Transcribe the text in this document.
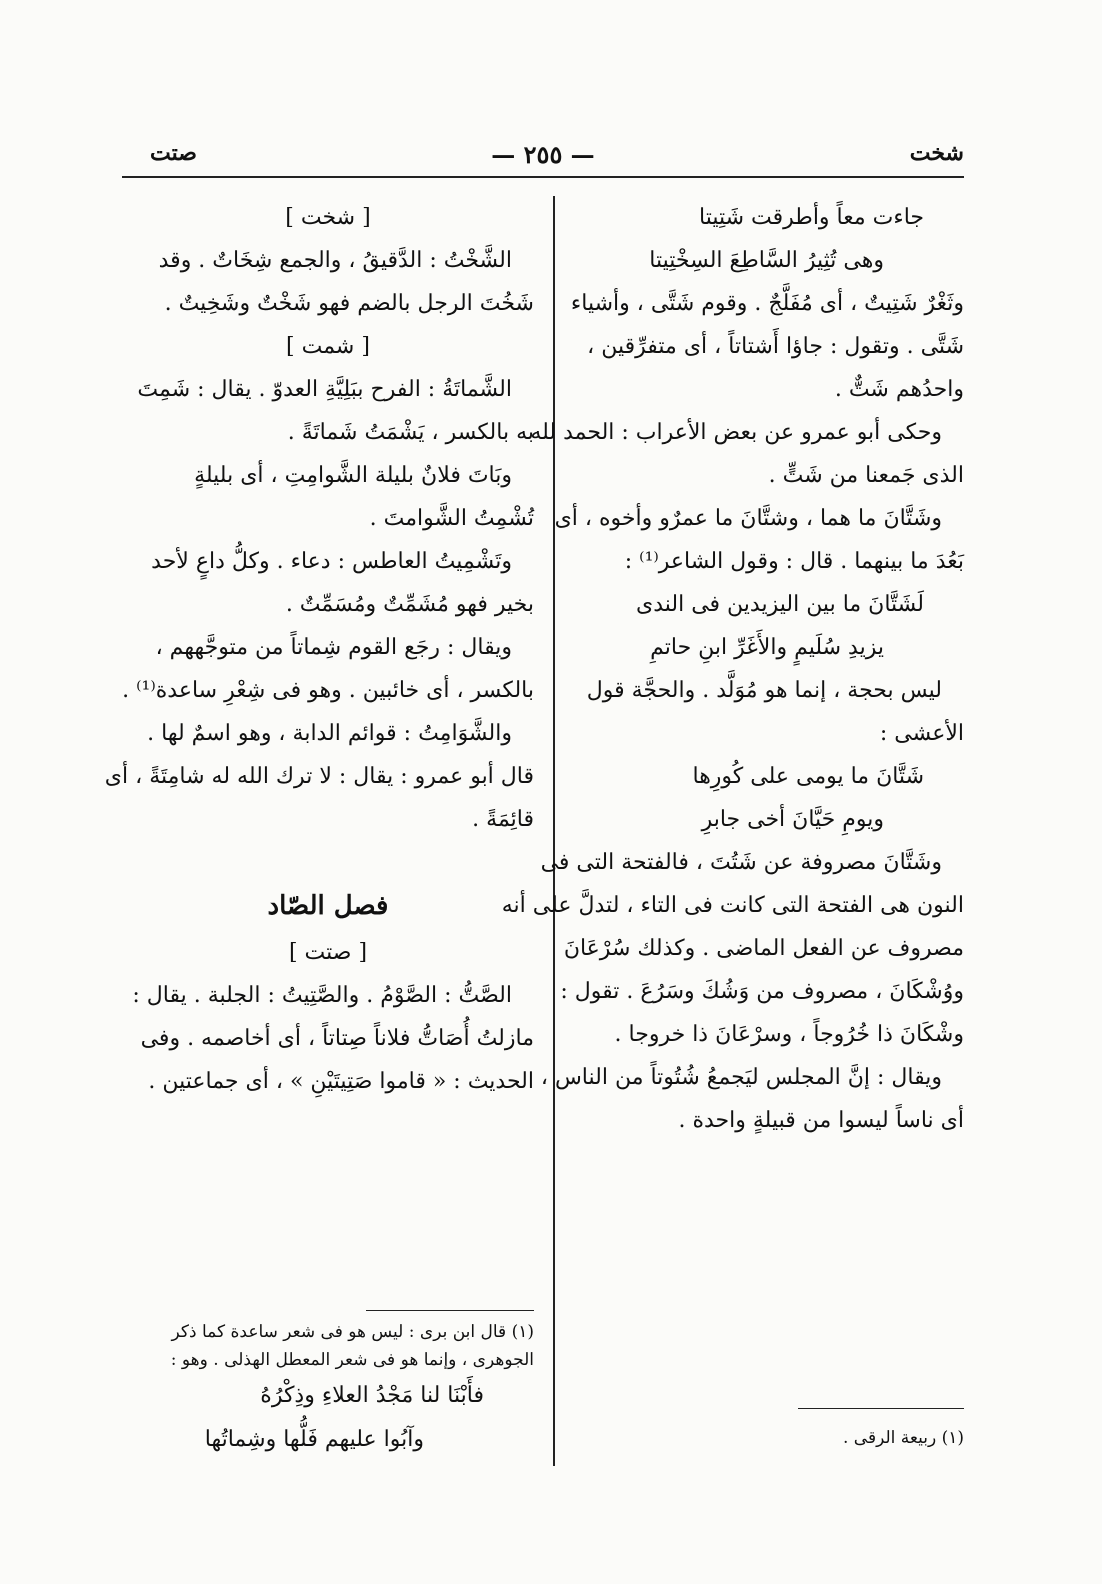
شخت
— ٢٥٥ —
صتت
جاءت معاً وأطرقت شَتِيتا
وهى تُثِيرُ السَّاطِعَ السِخْتِيتا
وثَغْرٌ شَتِيتٌ ، أى مُفَلَّجٌ . وقوم شَتَّى ، وأشياء
شَتَّى . وتقول : جاؤا أَشتاتاً ، أى متفرِّقين ،
واحدُهم شَتٌّ .
وحكى أبو عمرو عن بعض الأعراب : الحمد لله
الذى جَمعنا من شَتٍّ .
وشَتَّانَ ما هما ، وشتَّانَ ما عمرٌو وأخوه ، أى
بَعُدَ ما بينهما . قال : وقول الشاعر⁽¹⁾ :
لَشَتَّانَ ما بين اليزيدين فى الندى
يزيدِ سُلَيمٍ والأَغَرِّ ابنِ حاتمِ
ليس بحجة ، إنما هو مُوَلَّد . والحجَّة قول
الأعشى :
شَتَّانَ ما يومى على كُورِها
ويومِ حَيَّانَ أخى جابرِ
وشَتَّانَ مصروفة عن شَتُتَ ، فالفتحة التى فى
النون هى الفتحة التى كانت فى التاء ، لتدلَّ على أنه
مصروف عن الفعل الماضى . وكذلك سُرْعَانَ
ووُشْكَانَ ، مصروف من وَشُكَ وسَرُعَ . تقول :
وشْكَانَ ذا خُرُوجاً ، وسرْعَانَ ذا خروجا .
ويقال : إنَّ المجلس ليَجمعُ شُتُوتاً من الناس ،
أى ناساً ليسوا من قبيلةٍ واحدة .
(١) ربيعة الرقى .
[ شخت ]
الشَّخْتُ : الدَّقيقُ ، والجمع شِخَاتٌ . وقد
شَخُتَ الرجل بالضم فهو شَخْتٌ وشَخِيتٌ .
[ شمت ]
الشَّماتَةُ : الفرح ببَلِيَّةِ العدوّ . يقال : شَمِتَ
به بالكسر ، يَشْمَتُ شَماتَةً .
وبَاتَ فلانٌ بليلة الشَّوامِتِ ، أى بليلةٍ
تُشْمِتُ الشَّوامتَ .
وتَشْمِيتُ العاطس : دعاء . وكلُّ داعٍ لأحد
بخير فهو مُشَمِّتٌ ومُسَمِّتٌ .
ويقال : رجَع القوم شِماتاً من متوجَّههم ،
بالكسر ، أى خائبين . وهو فى شِعْرِ ساعدة⁽¹⁾ .
والشَّوَامِتُ : قوائم الدابة ، وهو اسمٌ لها .
قال أبو عمرو : يقال : لا ترك الله له شامِتَةً ، أى
قائِمَةً .
فصل الصّاد
[ صتت ]
الصَّتُّ : الصَّوْمُ . والصَّتِيتُ : الجلبة . يقال :
مازلتُ أُصَاتُّ فلاناً صِتاتاً ، أى أخاصمه . وفى
الحديث : « قاموا صَتِيتَيْنِ » ، أى جماعتين .
(١) قال ابن برى : ليس هو فى شعر ساعدة كما ذكر
الجوهرى ، وإنما هو فى شعر المعطل الهذلى . وهو :
فأَبْنَا لنا مَجْدُ العلاءِ وذِكْرُهُ
وآبُوا عليهم فَلُّها وشِماتُها
